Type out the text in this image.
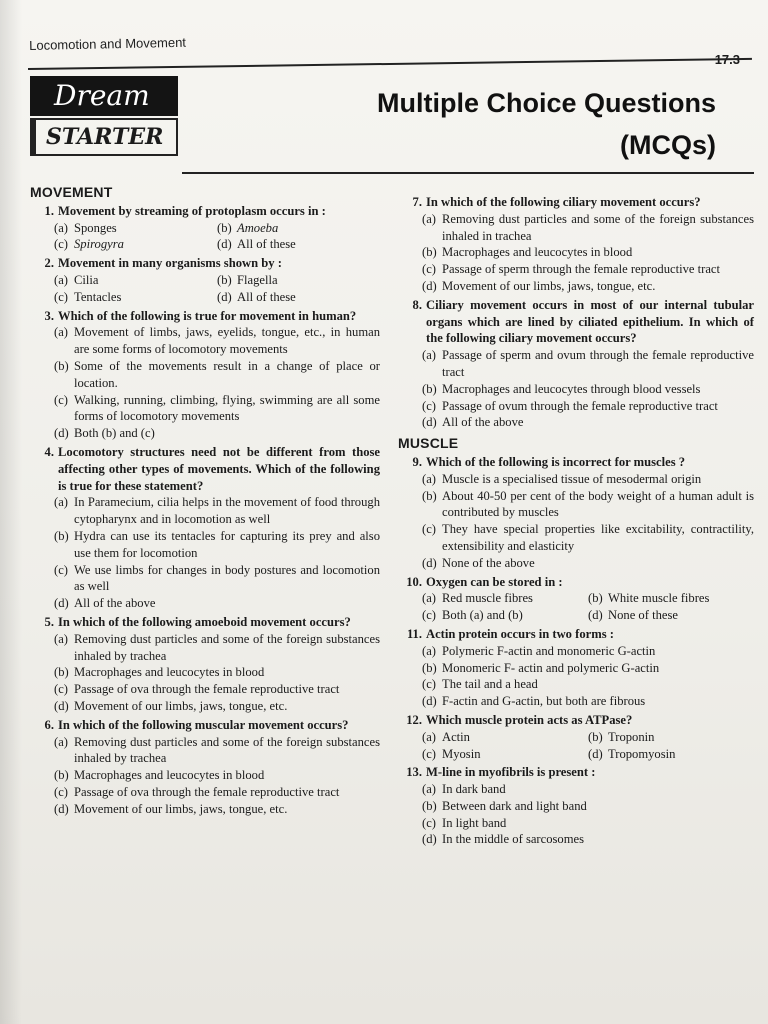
Locomotion and Movement
Dream
STARTER
Multiple Choice Questions
(MCQs)
MOVEMENT
1. Movement by streaming of protoplasm occurs in :
(a) Sponges	(b) Amoeba
(c) Spirogyra	(d) All of these
2. Movement in many organisms shown by :
(a) Cilia	(b) Flagella
(c) Tentacles	(d) All of these
3. Which of the following is true for movement in human?
(a) Movement of limbs, jaws, eyelids, tongue, etc., in human are some forms of locomotory movements
(b) Some of the movements result in a change of place or location.
(c) Walking, running, climbing, flying, swimming are all some forms of locomotory movements
(d) Both (b) and (c)
4. Locomotory structures need not be different from those affecting other types of movements. Which of the following is true for these statement?
(a) In Paramecium, cilia helps in the movement of food through cytopharynx and in locomotion as well
(b) Hydra can use its tentacles for capturing its prey and also use them for locomotion
(c) We use limbs for changes in body postures and locomotion as well
(d) All of the above
5. In which of the following amoeboid movement occurs?
(a) Removing dust particles and some of the foreign substances inhaled by trachea
(b) Macrophages and leucocytes in blood
(c) Passage of ova through the female reproductive tract
(d) Movement of our limbs, jaws, tongue, etc.
6. In which of the following muscular movement occurs?
(a) Removing dust particles and some of the foreign substances inhaled by trachea
(b) Macrophages and leucocytes in blood
(c) Passage of ova through the female reproductive tract
(d) Movement of our limbs, jaws, tongue, etc.
7. In which of the following ciliary movement occurs?
(a) Removing dust particles and some of the foreign substances inhaled in trachea
(b) Macrophages and leucocytes in blood
(c) Passage of sperm through the female reproductive tract
(d) Movement of our limbs, jaws, tongue, etc.
8. Ciliary movement occurs in most of our internal tubular organs which are lined by ciliated epithelium. In which of the following ciliary movement occurs?
(a) Passage of sperm and ovum through the female reproductive tract
(b) Macrophages and leucocytes through blood vessels
(c) Passage of ovum through the female reproductive tract
(d) All of the above
MUSCLE
9. Which of the following is incorrect for muscles ?
(a) Muscle is a specialised tissue of mesodermal origin
(b) About 40-50 per cent of the body weight of a human adult is contributed by muscles
(c) They have special properties like excitability, contractility, extensibility and elasticity
(d) None of the above
10. Oxygen can be stored in :
(a) Red muscle fibres	(b) White muscle fibres
(c) Both (a) and (b)	(d) None of these
11. Actin protein occurs in two forms :
(a) Polymeric F-actin and monomeric G-actin
(b) Monomeric F- actin and polymeric G-actin
(c) The tail and a head
(d) F-actin and G-actin, but both are fibrous
12. Which muscle protein acts as ATPase?
(a) Actin	(b) Troponin
(c) Myosin	(d) Tropomyosin
13. M-line in myofibrils is present :
(a) In dark band
(b) Between dark and light band
(c) In light band
(d) In the middle of sarcosomes
